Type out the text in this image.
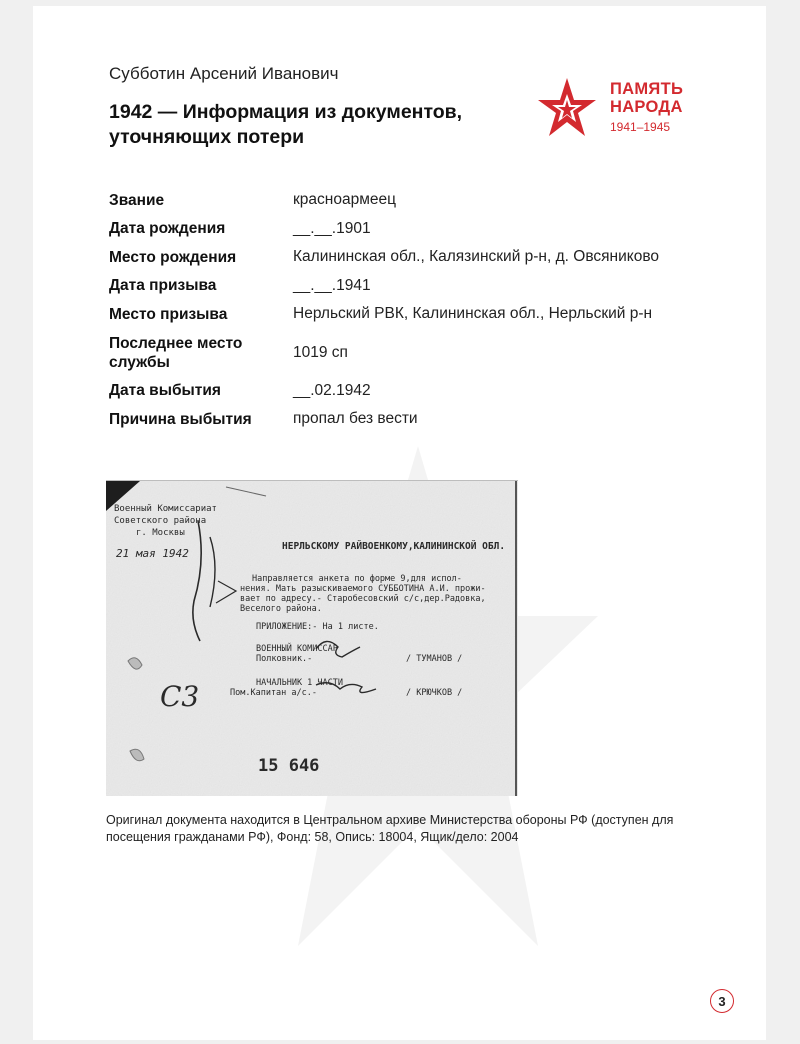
Субботин Арсений Иванович
1942 — Информация из документов, уточняющих потери
ПАМЯТЬ
НАРОДА
1941–1945
Звание	красноармеец
Дата рождения	__.__.1901
Место рождения	Калининская обл., Калязинский р-н, д. Овсяниково
Дата призыва	__.__.1941
Место призыва	Нерльский РВК, Калининская обл., Нерльский р-н
Последнее место службы	1019 сп
Дата выбытия	__.02.1942
Причина выбытия	пропал без вести
Военный Комиссариат
Советского района
г. Москвы
21 мая 1942
НЕРЛЬСКОМУ РАЙВОЕНКОМУ,КАЛИНИНСКОЙ ОБЛ.
Направляется анкета по форме 9,для испол-
нения. Мать разыскиваемого СУББОТИНА А.И. прожи-
вает по адресу.- Старобесовский с/с,дер.Радовка,
Веселого района.
ПРИЛОЖЕНИЕ:- На 1 листе.
ВОЕННЫЙ КОМИССАР
Полковник.-	/ ТУМАНОВ /
НАЧАЛЬНИК 1 ЧАСТИ
Пом.Капитан а/с.-	/ КРЮЧКОВ /
15 646
С3
Оригинал документа находится в Центральном архиве Министерства обороны РФ (доступен для посещения гражданами РФ), Фонд: 58, Опись: 18004, Ящик/дело: 2004
3
